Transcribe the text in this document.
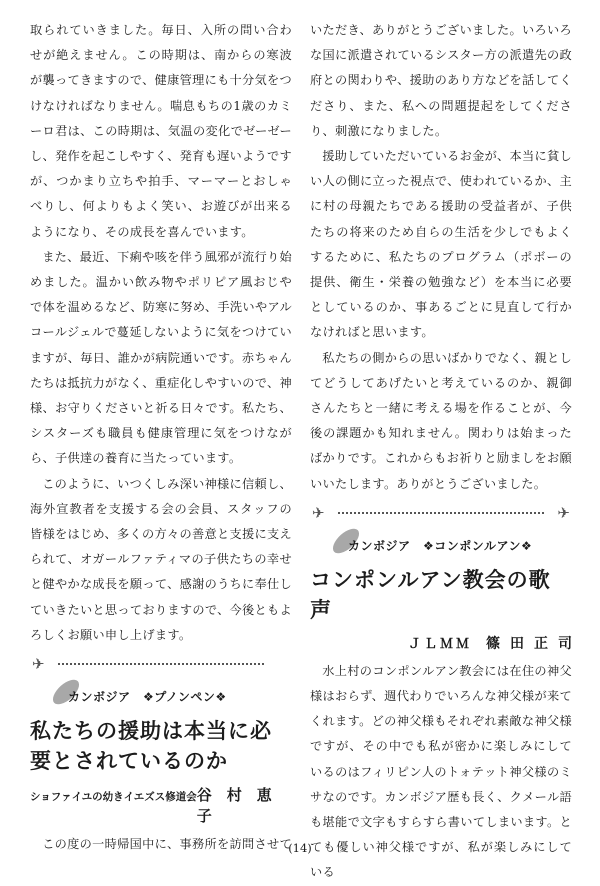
取られていきました。毎日、入所の問い合わせが絶えません。この時期は、南からの寒波が襲ってきますので、健康管理にも十分気をつけなければなりません。喘息もちの1歳のカミーロ君は、この時期は、気温の変化でゼーゼーし、発作を起こしやすく、発育も遅いようですが、つかまり立ちや拍手、マーマーとおしゃべりし、何よりもよく笑い、お遊びが出来るようになり、その成長を喜んでいます。

また、最近、下痢や咳を伴う風邪が流行り始めました。温かい飲み物やポリピア風おじやで体を温めるなど、防寒に努め、手洗いやアルコールジェルで蔓延しないように気をつけていますが、毎日、誰かが病院通いです。赤ちゃんたちは抵抗力がなく、重症化しやすいので、神様、お守りくださいと祈る日々です。私たち、シスターズも職員も健康管理に気をつけながら、子供達の養育に当たっています。

このように、いつくしみ深い神様に信頼し、海外宣教者を支援する会の会員、スタッフの皆様をはじめ、多くの方々の善意と支援に支えられて、オガールファティマの子供たちの幸せと健やかな成長を願って、感謝のうちに奉仕していきたいと思っておりますので、今後ともよろしくお願い申し上げます。

✈
カンボジア　❖プノンペン❖
私たちの援助は本当に必要とされているのか
ショファイユの幼きイエズス修道会 谷村恵子

この度の一時帰国中に、事務所を訪問させて

いただき、ありがとうございました。いろいろな国に派遣されているシスター方の派遣先の政府との関わりや、援助のあり方などを話してくださり、また、私への問題提起をしてくださり、刺激になりました。

援助していただいているお金が、本当に貧しい人の側に立った視点で、使われているか、主に村の母親たちである援助の受益者が、子供たちの将来のため自らの生活を少しでもよくするために、私たちのプログラム（ポボーの提供、衛生・栄養の勉強など）を本当に必要としているのか、事あるごとに見直して行かなければと思います。

私たちの側からの思いばかりでなく、親としてどうしてあげたいと考えているのか、親御さんたちと一緒に考える場を作ることが、今後の課題かも知れません。関わりは始まったばかりです。これからもお祈りと励ましをお願いいたします。ありがとうございました。

✈	✈
カンボジア　❖コンポンルアン❖
コンポンルアン教会の歌声
ＪＬＭＭ 篠田正司

水上村のコンポンルアン教会には在住の神父様はおらず、週代わりでいろんな神父様が来てくれます。どの神父様もそれぞれ素敵な神父様ですが、その中でも私が密かに楽しみにしているのはフィリピン人のトォテット神父様のミサなのです。カンボジア歴も長く、クメール語も堪能で文字もすらすら書いてしまいます。とても優しい神父様ですが、私が楽しみにしている

(14)
